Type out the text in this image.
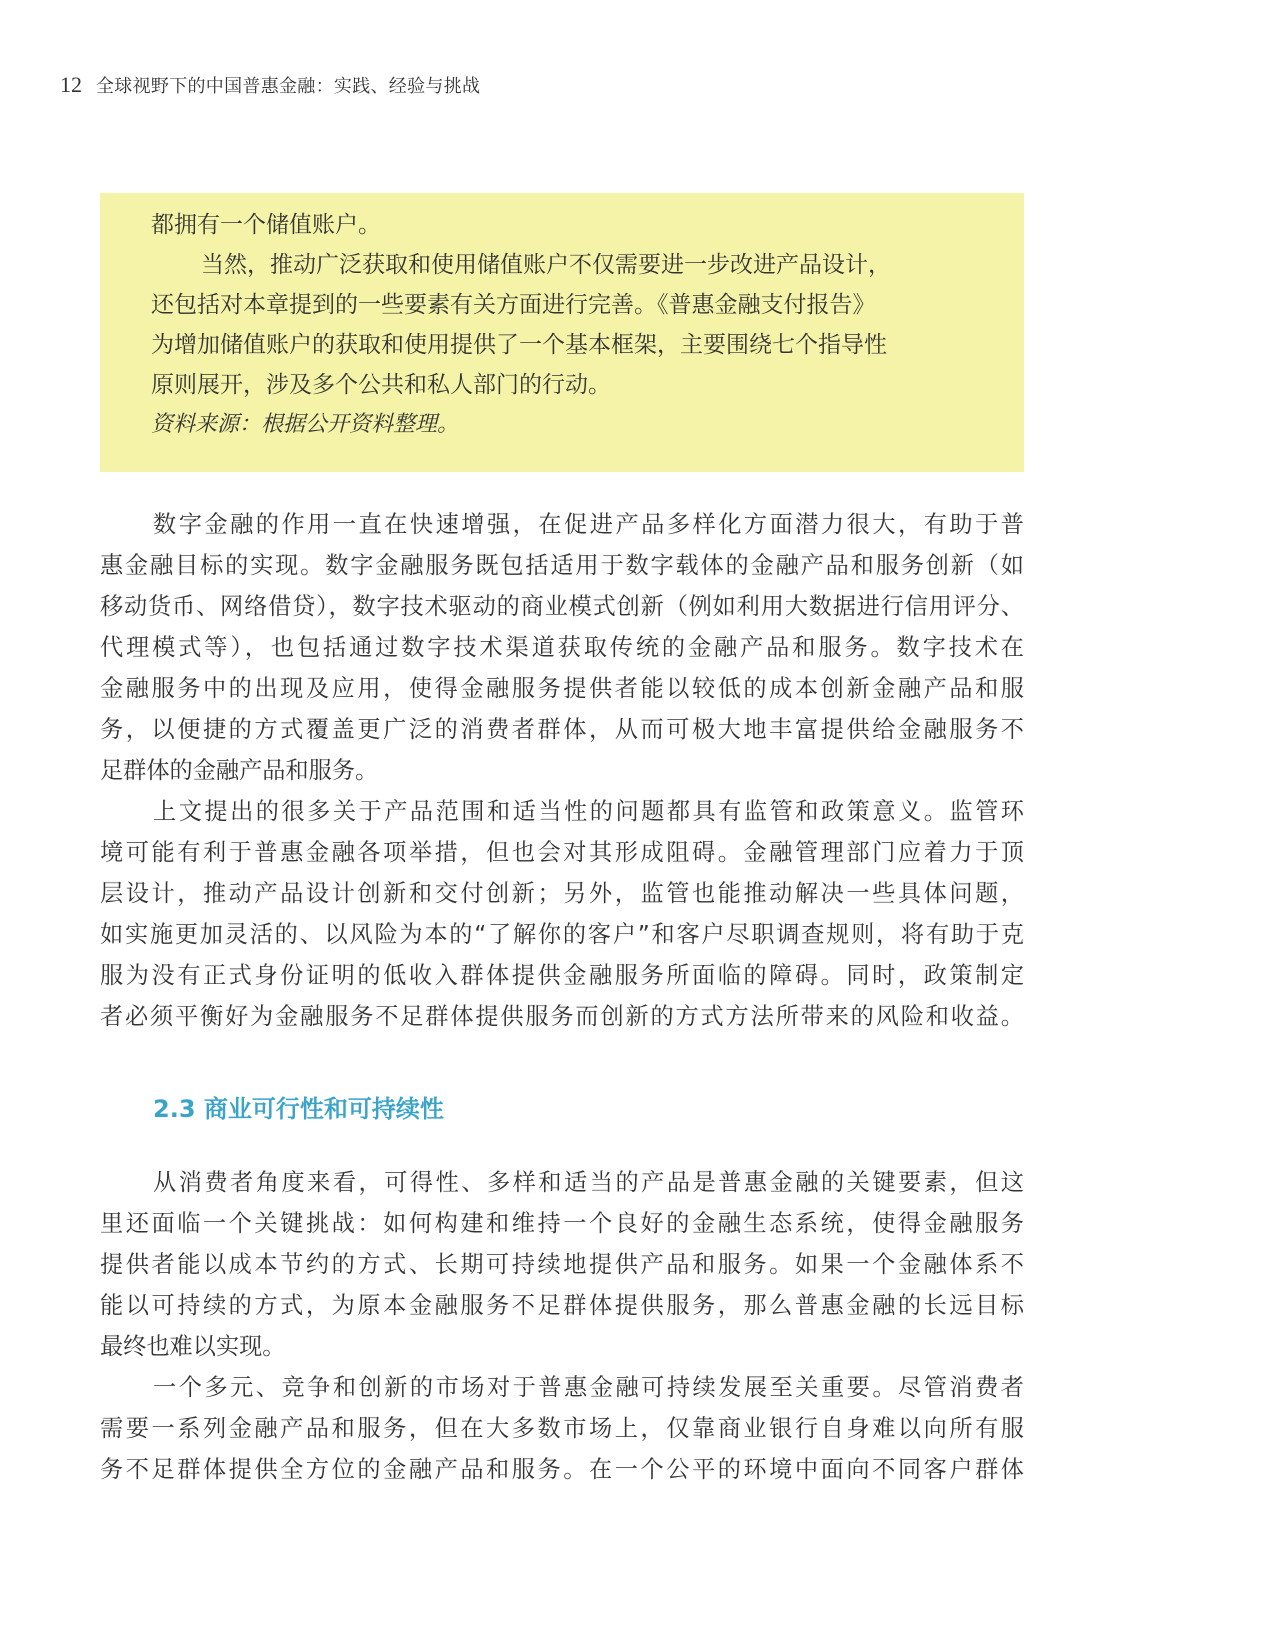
12 全球视野下的中国普惠金融：实践、经验与挑战
都拥有一个储值账户。
当然，推动广泛获取和使用储值账户不仅需要进一步改进产品设计，
还包括对本章提到的一些要素有关方面进行完善。《普惠金融支付报告》
为增加储值账户的获取和使用提供了一个基本框架，主要围绕七个指导性
原则展开，涉及多个公共和私人部门的行动。
资料来源：根据公开资料整理。
数字金融的作用一直在快速增强，在促进产品多样化方面潜力很大，有助于普
惠金融目标的实现。数字金融服务既包括适用于数字载体的金融产品和服务创新（如
移动货币、网络借贷），数字技术驱动的商业模式创新（例如利用大数据进行信用评分、
代理模式等），也包括通过数字技术渠道获取传统的金融产品和服务。数字技术在
金融服务中的出现及应用，使得金融服务提供者能以较低的成本创新金融产品和服
务，以便捷的方式覆盖更广泛的消费者群体，从而可极大地丰富提供给金融服务不
足群体的金融产品和服务。
上文提出的很多关于产品范围和适当性的问题都具有监管和政策意义。监管环
境可能有利于普惠金融各项举措，但也会对其形成阻碍。金融管理部门应着力于顶
层设计，推动产品设计创新和交付创新；另外，监管也能推动解决一些具体问题，
如实施更加灵活的、以风险为本的“了解你的客户”和客户尽职调查规则，将有助于克
服为没有正式身份证明的低收入群体提供金融服务所面临的障碍。同时，政策制定
者必须平衡好为金融服务不足群体提供服务而创新的方式方法所带来的风险和收益。
2.3 商业可行性和可持续性
从消费者角度来看，可得性、多样和适当的产品是普惠金融的关键要素，但这
里还面临一个关键挑战：如何构建和维持一个良好的金融生态系统，使得金融服务
提供者能以成本节约的方式、长期可持续地提供产品和服务。如果一个金融体系不
能以可持续的方式，为原本金融服务不足群体提供服务，那么普惠金融的长远目标
最终也难以实现。
一个多元、竞争和创新的市场对于普惠金融可持续发展至关重要。尽管消费者
需要一系列金融产品和服务，但在大多数市场上，仅靠商业银行自身难以向所有服
务不足群体提供全方位的金融产品和服务。在一个公平的环境中面向不同客户群体
